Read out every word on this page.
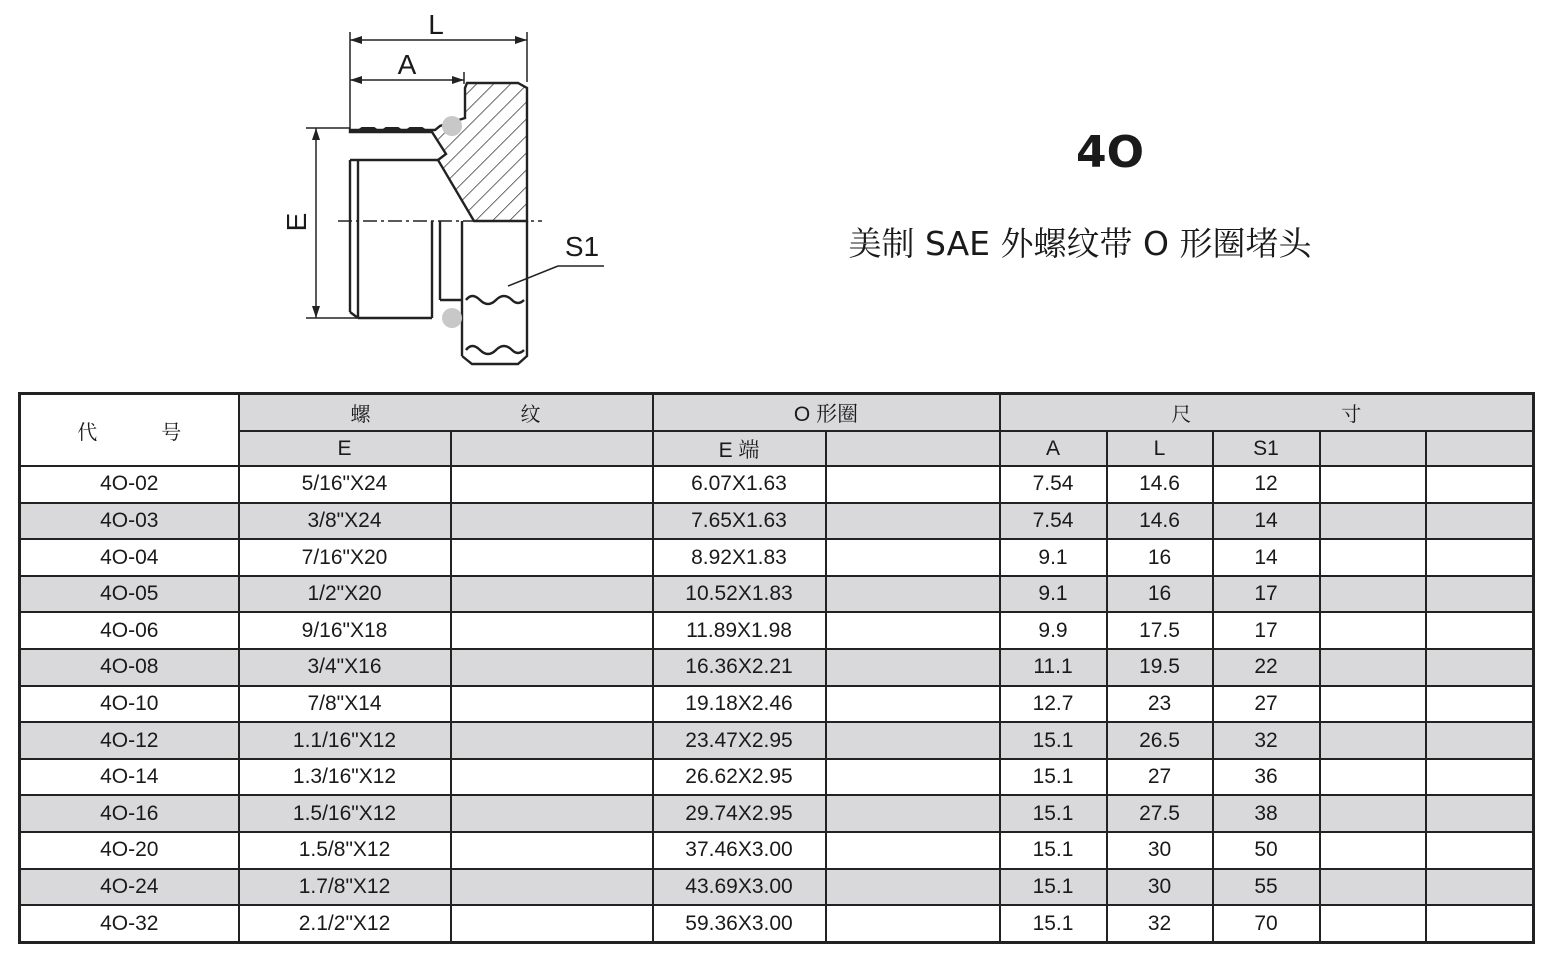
L
A
E
S1
4O
美制 SAE 外螺纹带 O 形圈堵头
代 号	螺 纹		O 形圈		尺 寸				
	E		E 端		A	L	S1		
4O-02	5/16"X24		6.07X1.63		7.54	14.6	12		
4O-03	3/8"X24		7.65X1.63		7.54	14.6	14		
4O-04	7/16"X20		8.92X1.83		9.1	16	14		
4O-05	1/2"X20		10.52X1.83		9.1	16	17		
4O-06	9/16"X18		11.89X1.98		9.9	17.5	17		
4O-08	3/4"X16		16.36X2.21		11.1	19.5	22		
4O-10	7/8"X14		19.18X2.46		12.7	23	27		
4O-12	1.1/16"X12		23.47X2.95		15.1	26.5	32		
4O-14	1.3/16"X12		26.62X2.95		15.1	27	36		
4O-16	1.5/16"X12		29.74X2.95		15.1	27.5	38		
4O-20	1.5/8"X12		37.46X3.00		15.1	30	50		
4O-24	1.7/8"X12		43.69X3.00		15.1	30	55		
4O-32	2.1/2"X12		59.36X3.00		15.1	32	70		
